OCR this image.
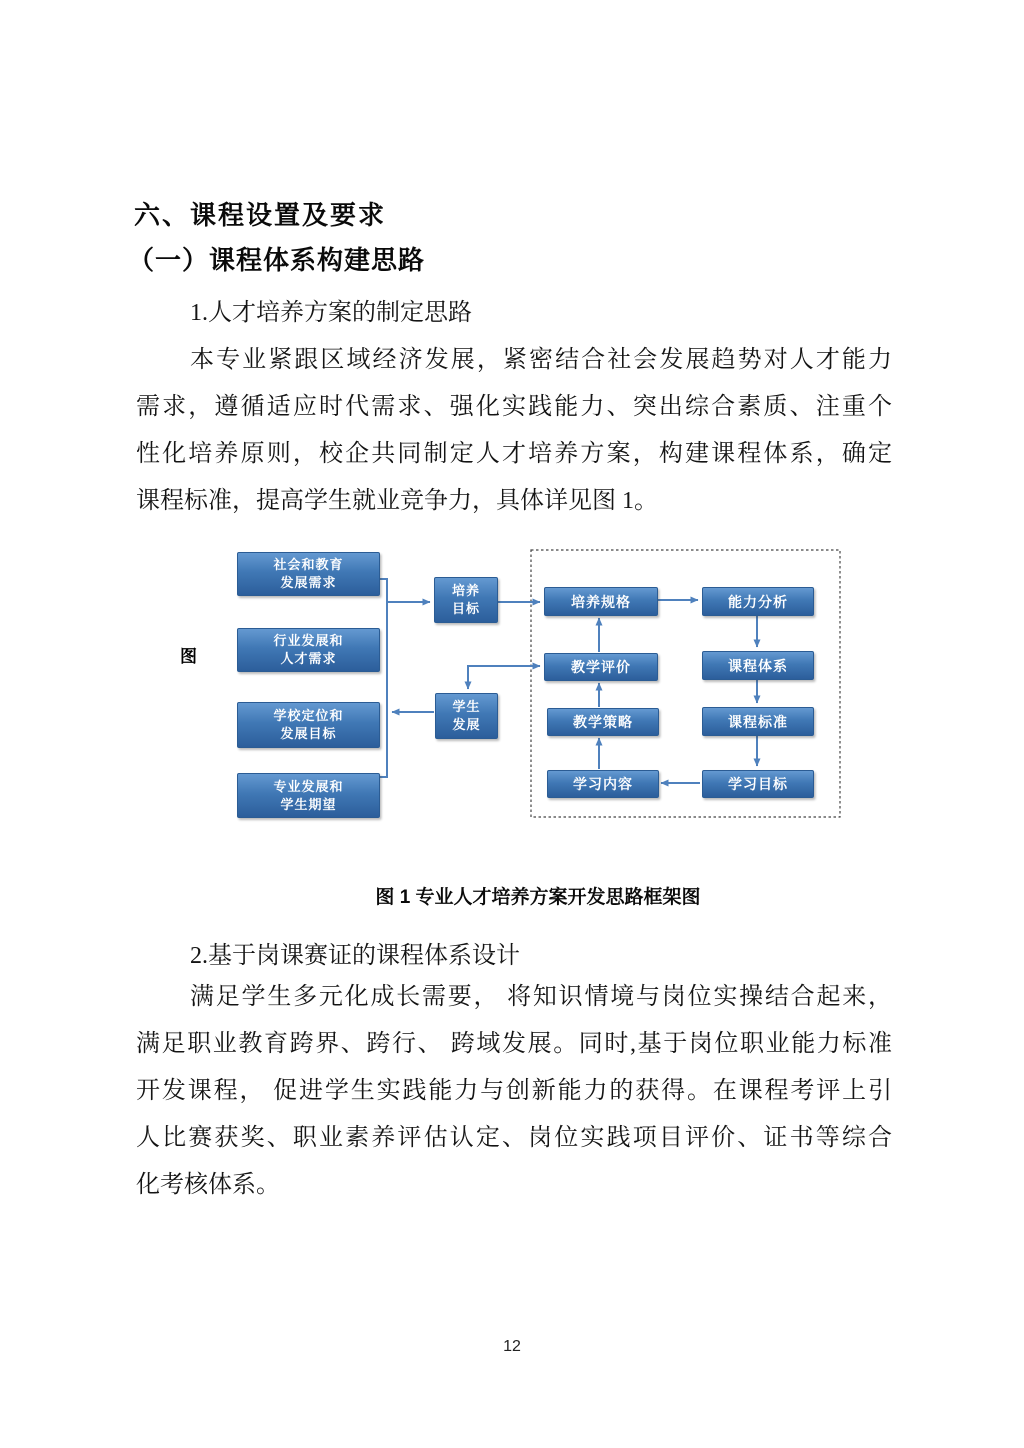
六、课程设置及要求
（一）课程体系构建思路
1.人才培养方案的制定思路
本专业紧跟区域经济发展，紧密结合社会发展趋势对人才能力
需求，遵循适应时代需求、强化实践能力、突出综合素质、注重个
性化培养原则，校企共同制定人才培养方案，构建课程体系，确定
课程标准，提高学生就业竞争力，具体详见图 1。
图
社会和教育
发展需求
行业发展和
人才需求
学校定位和
发展目标
专业发展和
学生期望
培养
目标
学生
发展
培养规格
教学评价
教学策略
学习内容
能力分析
课程体系
课程标准
学习目标
图 1 专业人才培养方案开发思路框架图
2.基于岗课赛证的课程体系设计
满足学生多元化成长需要， 将知识情境与岗位实操结合起来，
满足职业教育跨界、跨行、 跨域发展。同时,基于岗位职业能力标准
开发课程， 促进学生实践能力与创新能力的获得。在课程考评上引
人比赛获奖、职业素养评估认定、岗位实践项目评价、证书等综合
化考核体系。
12
